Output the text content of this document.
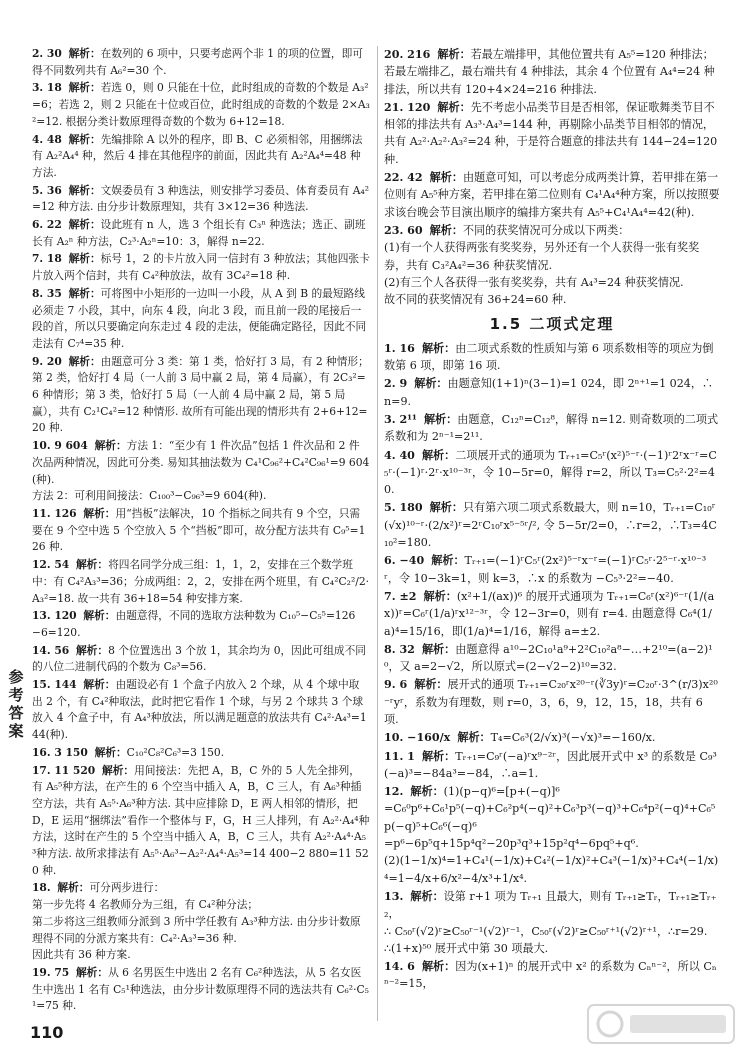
参考答案
2. 30 解析：在数列的 6 项中，只要考虑两个非 1 的项的位置，即可得不同数列共有 A₆²=30 个.
3. 18 解析：若选 0，则 0 只能在十位，此时组成的奇数的个数是 A₃²=6；若选 2，则 2 只能在十位或百位，此时组成的奇数的个数是 2×A₃²=12. 根据分类计数原理得奇数的个数为 6+12=18.
4. 48 解析：先编排除 A 以外的程序，即 B、C 必须相邻，用捆绑法有 A₂²A₄⁴ 种，然后 4 排在其他程序的前面，因此共有 A₂²A₄⁴=48 种方法.
5. 36 解析：文娱委员有 3 种选法，则安排学习委员、体育委员有 A₄²=12 种方法. 由分步计数原理知，共有 3×12=36 种选法.
6. 22 解析：设此班有 n 人，选 3 个组长有 C₃ⁿ 种选法；选正、副班长有 A₂ⁿ 种方法，C₂³·A₂ⁿ=10：3，解得 n=22.
7. 18 解析：标号 1，2 的卡片放入同一信封有 3 种放法；其他四张卡片放入两个信封，共有 C₄²种放法，故有 3C₄²=18 种.
8. 35 解析：可将图中小矩形的一边叫一小段，从 A 到 B 的最短路线必须走 7 小段，其中，向东 4 段，向北 3 段，而且前一段的尾接后一段的首，所以只要确定向东走过 4 段的走法，便能确定路径，因此不同走法有 C₇⁴=35 种.
9. 20 解析：由题意可分 3 类：第 1 类，恰好打 3 局，有 2 种情形；第 2 类，恰好打 4 局（一人前 3 局中赢 2 局，第 4 局赢），有 2C₃²=6 种情形；第 3 类，恰好打 5 局（一人前 4 局中赢 2 局，第 5 局赢），共有 C₂¹C₄²=12 种情形. 故所有可能出现的情形共有 2+6+12=20 种.
10. 9 604 解析：方法 1：“至少有 1 件次品”包括 1 件次品和 2 件次品两种情况，因此可分类. 易知其抽法数为 C₄¹C₉₆²+C₄²C₉₆¹=9 604(种).
方法 2：可利用间接法：C₁₀₀³−C₉₆³=9 604(种).
11. 126 解析：用“挡板”法解决，10 个指标之间共有 9 个空，只需要在 9 个空中选 5 个空放入 5 个“挡板”即可，故分配方法共有 C₉⁵=126 种.
12. 54 解析：将四名同学分成三组：1，1，2，安排在三个数学班中：有 C₄²A₃³=36；分成两组：2，2，安排在两个班里，有 C₄²C₂²/2·A₃²=18. 故一共有 36+18=54 种安排方案.
13. 120 解析：由题意得，不同的选取方法种数为 C₁₀⁵−C₅⁵=126−6=120.
14. 56 解析：8 个位置选出 3 个放 1，其余均为 0，因此可组成不同的八位二进制代码的个数为 C₈³=56.
15. 144 解析：由题设必有 1 个盒子内放入 2 个球，从 4 个球中取出 2 个，有 C₄²种取法，此时把它看作 1 个球，与另 2 个球共 3 个球放入 4 个盒子中，有 A₄³种放法，所以满足题意的放法共有 C₄²·A₄³=144(种).
16. 3 150 解析：C₁₀²C₈²C₆³=3 150.
17. 11 520 解析：用间接法：先把 A，B，C 外的 5 人先全排列，有 A₅⁵种方法，在产生的 6 个空当中插入 A，B，C 三人，有 A₆³种插空方法，共有 A₅⁵·A₆³种方法. 其中应排除 D，E 两人相邻的情形，把 D，E 运用“捆绑法”看作一个整体与 F，G，H 三人排列，有 A₂²·A₄⁴种方法，这时在产生的 5 个空当中插入 A，B，C 三人，共有 A₂²·A₄⁴·A₅³种方法. 故所求排法有 A₅⁵·A₆³−A₂²·A₄⁴·A₅³=14 400−2 880=11 520 种.
18. 解析：可分两步进行：
第一步先将 4 名教师分为三组，有 C₄²种分法；
第二步将这三组教师分派到 3 所中学任教有 A₃³种方法. 由分步计数原理得不同的分派方案共有：C₄²·A₃³=36 种.
因此共有 36 种方案.
19. 75 解析：从 6 名男医生中选出 2 名有 C₆²种选法，从 5 名女医生中选出 1 名有 C₅¹种选法，由分步计数原理得不同的选法共有 C₆²·C₅¹=75 种.
20. 216 解析：若最左端排甲，其他位置共有 A₅⁵=120 种排法；若最左端排乙，最右端共有 4 种排法，其余 4 个位置有 A₄⁴=24 种排法，所以共有 120+4×24=216 种排法.
21. 120 解析：先不考虑小品类节目是否相邻，保证歌舞类节目不相邻的排法共有 A₃³·A₄³=144 种，再剔除小品类节目相邻的情况，共有 A₂²·A₂²·A₃²=24 种，于是符合题意的排法共有 144−24=120 种.
22. 42 解析：由题意可知，可以考虑分成两类计算，若甲排在第一位则有 A₅⁵种方案，若甲排在第二位则有 C₄¹A₄⁴种方案，所以按照要求该台晚会节目演出顺序的编排方案共有 A₅⁵+C₄¹A₄⁴=42(种).
23. 60 解析：不同的获奖情况可分成以下两类：
(1)有一个人获得两张有奖奖券，另外还有一个人获得一张有奖奖券，共有 C₃²A₄²=36 种获奖情况.
(2)有三个人各获得一张有奖奖券，共有 A₄³=24 种获奖情况.
故不同的获奖情况有 36+24=60 种.
1.5 二项式定理
1. 16 解析：由二项式系数的性质知与第 6 项系数相等的项应为倒数第 6 项，即第 16 项.
2. 9 解析：由题意知(1+1)ⁿ(3−1)=1 024，即 2ⁿ⁺¹=1 024，∴n=9.
3. 2¹¹ 解析：由题意，C₁₂ⁿ=C₁₂⁸，解得 n=12. 则奇数项的二项式系数和为 2ⁿ⁻¹=2¹¹.
4. 40 解析：二项展开式的通项为 Tᵣ₊₁=C₅ʳ(x²)⁵⁻ʳ·(−1)ʳ2ʳx⁻ʳ=C₅ʳ·(−1)ʳ·2ʳ·x¹⁰⁻³ʳ，令 10−5r=0，解得 r=2，所以 T₃=C₅²·2²=40.
5. 180 解析：只有第六项二项式系数最大，则 n=10，Tᵣ₊₁=C₁₀ʳ(√x)¹⁰⁻ʳ·(2/x²)ʳ=2ʳC₁₀ʳx⁵⁻⁵ʳ/², 令 5−5r/2=0，∴r=2，∴T₃=4C₁₀²=180.
6. −40 解析：Tᵣ₊₁=(−1)ʳC₅ʳ(2x²)⁵⁻ʳx⁻ʳ=(−1)ʳC₅ʳ·2⁵⁻ʳ·x¹⁰⁻³ʳ，令 10−3k=1，则 k=3，∴x 的系数为 −C₅³·2²=−40.
7. ±2 解析：(x²+1/(ax))⁶ 的展开式通项为 Tᵣ₊₁=C₆ʳ(x²)⁶⁻ʳ(1/(ax))ʳ=C₆ʳ(1/a)ʳx¹²⁻³ʳ，令 12−3r=0，则有 r=4. 由题意得 C₆⁴(1/a)⁴=15/16，即(1/a)⁴=1/16，解得 a=±2.
8. 32 解析：由题意得 a¹⁰−2C₁₀¹a⁹+2²C₁₀²a⁸−…+2¹⁰=(a−2)¹⁰，又 a=2−√2，所以原式=(2−√2−2)¹⁰=32.
9. 6 解析：展开式的通项 Tᵣ₊₁=C₂₀ʳx²⁰⁻ʳ(∛3y)ʳ=C₂₀ʳ·3^(r/3)x²⁰⁻ʳyʳ，系数为有理数，则 r=0，3，6，9，12，15，18，共有 6 项.
10. −160/x 解析：T₄=C₆³(2/√x)³(−√x)³=−160/x.
11. 1 解析：Tᵣ₊₁=C₉ʳ(−a)ʳx⁹⁻²ʳ，因此展开式中 x³ 的系数是 C₉³(−a)³=−84a³=−84，∴a=1.
12. 解析：(1)(p−q)⁶=[p+(−q)]⁶
=C₆⁰p⁶+C₆¹p⁵(−q)+C₆²p⁴(−q)²+C₆³p³(−q)³+C₆⁴p²(−q)⁴+C₆⁵p(−q)⁵+C₆⁶(−q)⁶
=p⁶−6p⁵q+15p⁴q²−20p³q³+15p²q⁴−6pq⁵+q⁶.
(2)(1−1/x)⁴=1+C₄¹(−1/x)+C₄²(−1/x)²+C₄³(−1/x)³+C₄⁴(−1/x)⁴=1−4/x+6/x²−4/x³+1/x⁴.
13. 解析：设第 r+1 项为 Tᵣ₊₁ 且最大，则有 Tᵣ₊₁≥Tᵣ，Tᵣ₊₁≥Tᵣ₊₂，
∴ C₅₀ʳ(√2)ʳ≥C₅₀ʳ⁻¹(√2)ʳ⁻¹，C₅₀ʳ(√2)ʳ≥C₅₀ʳ⁺¹(√2)ʳ⁺¹，∴r=29.
∴(1+x)⁵⁰ 展开式中第 30 项最大.
14. 6 解析：因为(x+1)ⁿ 的展开式中 x² 的系数为 Cₙⁿ⁻²，所以 Cₙⁿ⁻²=15，
110
